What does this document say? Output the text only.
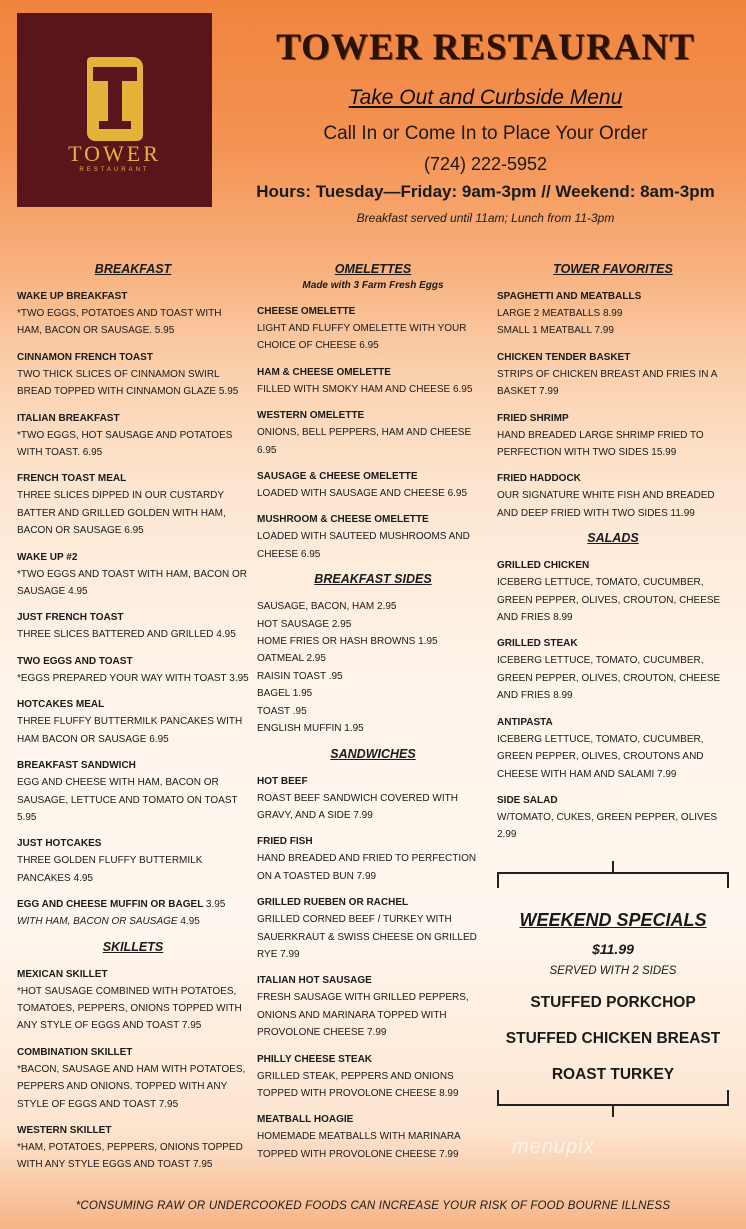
TOWER
RESTAURANT
TOWER RESTAURANT
Take Out and Curbside Menu
Call In or Come In to Place Your Order
(724) 222-5952
Hours: Tuesday—Friday: 9am-3pm // Weekend: 8am-3pm
Breakfast served until 11am; Lunch from 11-3pm
BREAKFAST
WAKE UP BREAKFAST
*TWO EGGS, POTATOES AND TOAST WITH HAM, BACON OR SAUSAGE. 5.95
CINNAMON FRENCH TOAST
TWO THICK SLICES OF CINNAMON SWIRL BREAD TOPPED WITH CINNAMON GLAZE 5.95
ITALIAN BREAKFAST
*TWO EGGS, HOT SAUSAGE AND POTATOES WITH TOAST. 6.95
FRENCH TOAST MEAL
THREE SLICES DIPPED IN OUR CUSTARDY BATTER AND GRILLED GOLDEN WITH HAM, BACON OR SAUSAGE 6.95
WAKE UP #2
*TWO EGGS AND TOAST WITH HAM, BACON OR SAUSAGE 4.95
JUST FRENCH TOAST
THREE SLICES BATTERED AND GRILLED 4.95
TWO EGGS AND TOAST
*EGGS PREPARED YOUR WAY WITH TOAST 3.95
HOTCAKES MEAL
THREE FLUFFY BUTTERMILK PANCAKES WITH HAM BACON OR SAUSAGE 6.95
BREAKFAST SANDWICH
EGG AND CHEESE WITH HAM, BACON OR SAUSAGE, LETTUCE AND TOMATO ON TOAST 5.95
JUST HOTCAKES
THREE GOLDEN FLUFFY BUTTERMILK PANCAKES 4.95
EGG AND CHEESE MUFFIN OR BAGEL 3.95
WITH HAM, BACON OR SAUSAGE 4.95
SKILLETS
MEXICAN SKILLET
*HOT SAUSAGE COMBINED WITH POTATOES, TOMATOES, PEPPERS, ONIONS TOPPED WITH ANY STYLE OF EGGS AND TOAST 7.95
COMBINATION SKILLET
*BACON, SAUSAGE AND HAM WITH POTATOES, PEPPERS AND ONIONS. TOPPED WITH ANY STYLE OF EGGS AND TOAST 7.95
WESTERN SKILLET
*HAM, POTATOES, PEPPERS, ONIONS TOPPED WITH ANY STYLE EGGS AND TOAST 7.95
OMELETTES
Made with 3 Farm Fresh Eggs
CHEESE OMELETTE
LIGHT AND FLUFFY OMELETTE WITH YOUR CHOICE OF CHEESE 6.95
HAM & CHEESE OMELETTE
FILLED WITH SMOKY HAM AND CHEESE 6.95
WESTERN OMELETTE
ONIONS, BELL PEPPERS, HAM AND CHEESE 6.95
SAUSAGE & CHEESE OMELETTE
LOADED WITH SAUSAGE AND CHEESE 6.95
MUSHROOM & CHEESE OMELETTE
LOADED WITH SAUTEED MUSHROOMS AND CHEESE 6.95
BREAKFAST SIDES
SAUSAGE, BACON, HAM 2.95
HOT SAUSAGE 2.95
HOME FRIES OR HASH BROWNS 1.95
OATMEAL 2.95
RAISIN TOAST .95
BAGEL 1.95
TOAST .95
ENGLISH MUFFIN 1.95
SANDWICHES
HOT BEEF
ROAST BEEF SANDWICH COVERED WITH GRAVY, AND A SIDE 7.99
FRIED FISH
HAND BREADED AND FRIED TO PERFECTION ON A TOASTED BUN 7.99
GRILLED RUEBEN OR RACHEL
GRILLED CORNED BEEF / TURKEY WITH SAUERKRAUT & SWISS CHEESE ON GRILLED RYE 7.99
ITALIAN HOT SAUSAGE
FRESH SAUSAGE WITH GRILLED PEPPERS, ONIONS AND MARINARA TOPPED WITH PROVOLONE CHEESE 7.99
PHILLY CHEESE STEAK
GRILLED STEAK, PEPPERS AND ONIONS TOPPED WITH PROVOLONE CHEESE 8.99
MEATBALL HOAGIE
HOMEMADE MEATBALLS WITH MARINARA TOPPED WITH PROVOLONE CHEESE 7.99
TOWER FAVORITES
SPAGHETTI AND MEATBALLS
LARGE 2 MEATBALLS 8.99
SMALL 1 MEATBALL 7.99
CHICKEN TENDER BASKET
STRIPS OF CHICKEN BREAST AND FRIES IN A BASKET 7.99
FRIED SHRIMP
HAND BREADED LARGE SHRIMP FRIED TO PERFECTION WITH TWO SIDES 15.99
FRIED HADDOCK
OUR SIGNATURE WHITE FISH AND BREADED AND DEEP FRIED WITH TWO SIDES 11.99
SALADS
GRILLED CHICKEN
ICEBERG LETTUCE, TOMATO, CUCUMBER, GREEN PEPPER, OLIVES, CROUTON, CHEESE AND FRIES 8.99
GRILLED STEAK
ICEBERG LETTUCE, TOMATO, CUCUMBER, GREEN PEPPER, OLIVES, CROUTON, CHEESE AND FRIES 8.99
ANTIPASTA
ICEBERG LETTUCE, TOMATO, CUCUMBER, GREEN PEPPER, OLIVES, CROUTONS AND CHEESE WITH HAM AND SALAMI 7.99
SIDE SALAD
W/TOMATO, CUKES, GREEN PEPPER, OLIVES 2.99
WEEKEND SPECIALS
$11.99
SERVED WITH 2 SIDES
STUFFED PORKCHOP
STUFFED CHICKEN BREAST
ROAST TURKEY
menupix
*CONSUMING RAW OR UNDERCOOKED FOODS CAN INCREASE YOUR RISK OF FOOD BOURNE ILLNESS
